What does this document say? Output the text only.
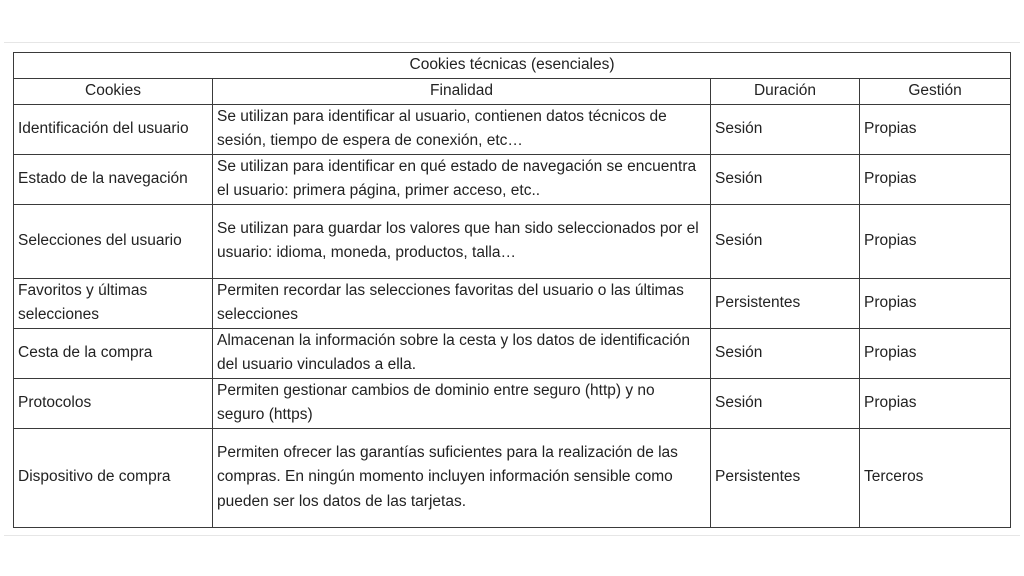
Cookies técnicas (esenciales)			
Cookies	Finalidad	Duración	Gestión
Identificación del usuario	Se utilizan para identificar al usuario, contienen datos técnicos de sesión, tiempo de espera de conexión, etc…	Sesión	Propias
Estado de la navegación	Se utilizan para identificar en qué estado de navegación se encuentra el usuario: primera página, primer acceso, etc..	Sesión	Propias
Selecciones del usuario	Se utilizan para guardar los valores que han sido seleccionados por el usuario: idioma, moneda, productos, talla…	Sesión	Propias
Favoritos y últimas selecciones	Permiten recordar las selecciones favoritas del usuario o las últimas selecciones	Persistentes	Propias
Cesta de la compra	Almacenan la información sobre la cesta y los datos de identificación del usuario vinculados a ella.	Sesión	Propias
Protocolos	Permiten gestionar cambios de dominio entre seguro (http) y no seguro (https)	Sesión	Propias
Dispositivo de compra	Permiten ofrecer las garantías suficientes para la realización de las compras. En ningún momento incluyen información sensible como pueden ser los datos de las tarjetas.	Persistentes	Terceros
